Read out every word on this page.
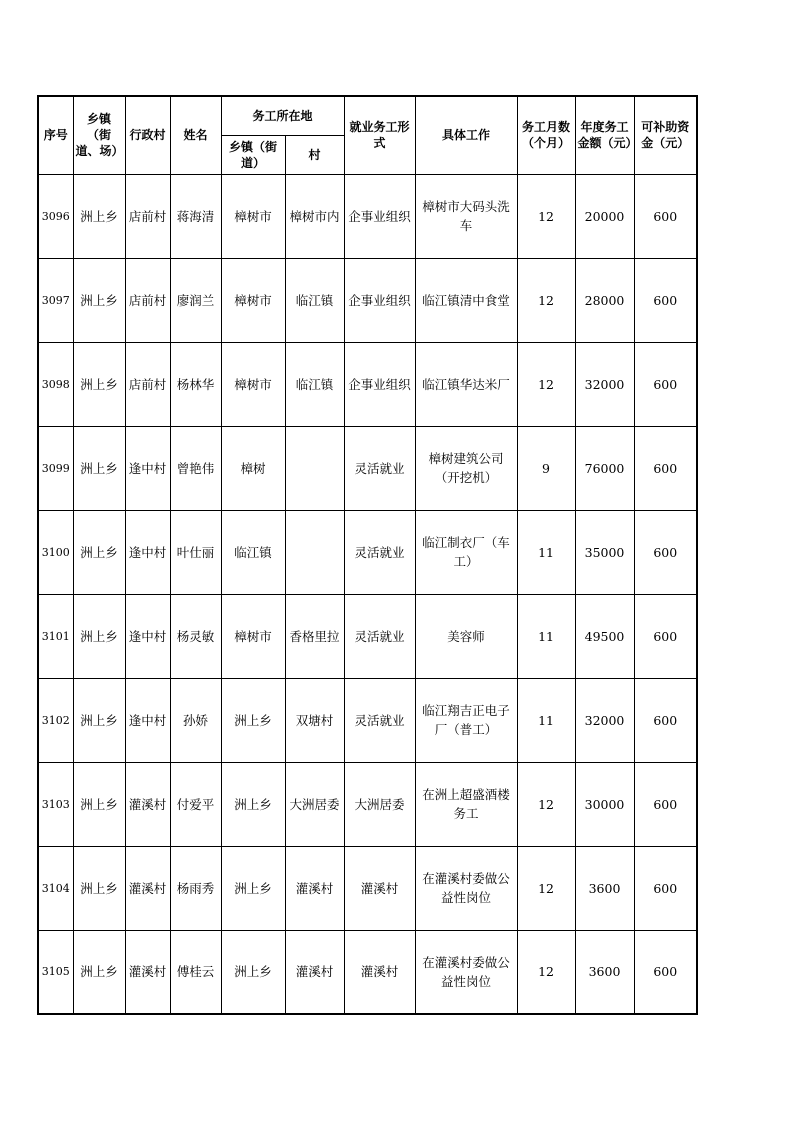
序号	乡镇（街道、场）	行政村	姓名	务工所在地		就业务工形式	具体工作	务工月数（个月）	年度务工金额（元）	可补助资金（元）
				乡镇（街道）	村					
3096	洲上乡	店前村	蒋海清	樟树市	樟树市内	企事业组织	樟树市大码头洗车	12	20000	600
3097	洲上乡	店前村	廖润兰	樟树市	临江镇	企事业组织	临江镇清中食堂	12	28000	600
3098	洲上乡	店前村	杨林华	樟树市	临江镇	企事业组织	临江镇华达米厂	12	32000	600
3099	洲上乡	逢中村	曾艳伟	樟树		灵活就业	樟树建筑公司（开挖机）	9	76000	600
3100	洲上乡	逢中村	叶仕丽	临江镇		灵活就业	临江制衣厂（车工）	11	35000	600
3101	洲上乡	逢中村	杨灵敏	樟树市	香格里拉	灵活就业	美容师	11	49500	600
3102	洲上乡	逢中村	孙娇	洲上乡	双塘村	灵活就业	临江翔吉正电子厂（普工）	11	32000	600
3103	洲上乡	灌溪村	付爱平	洲上乡	大洲居委	大洲居委	在洲上超盛酒楼务工	12	30000	600
3104	洲上乡	灌溪村	杨雨秀	洲上乡	灌溪村	灌溪村	在灌溪村委做公益性岗位	12	3600	600
3105	洲上乡	灌溪村	傅桂云	洲上乡	灌溪村	灌溪村	在灌溪村委做公益性岗位	12	3600	600
